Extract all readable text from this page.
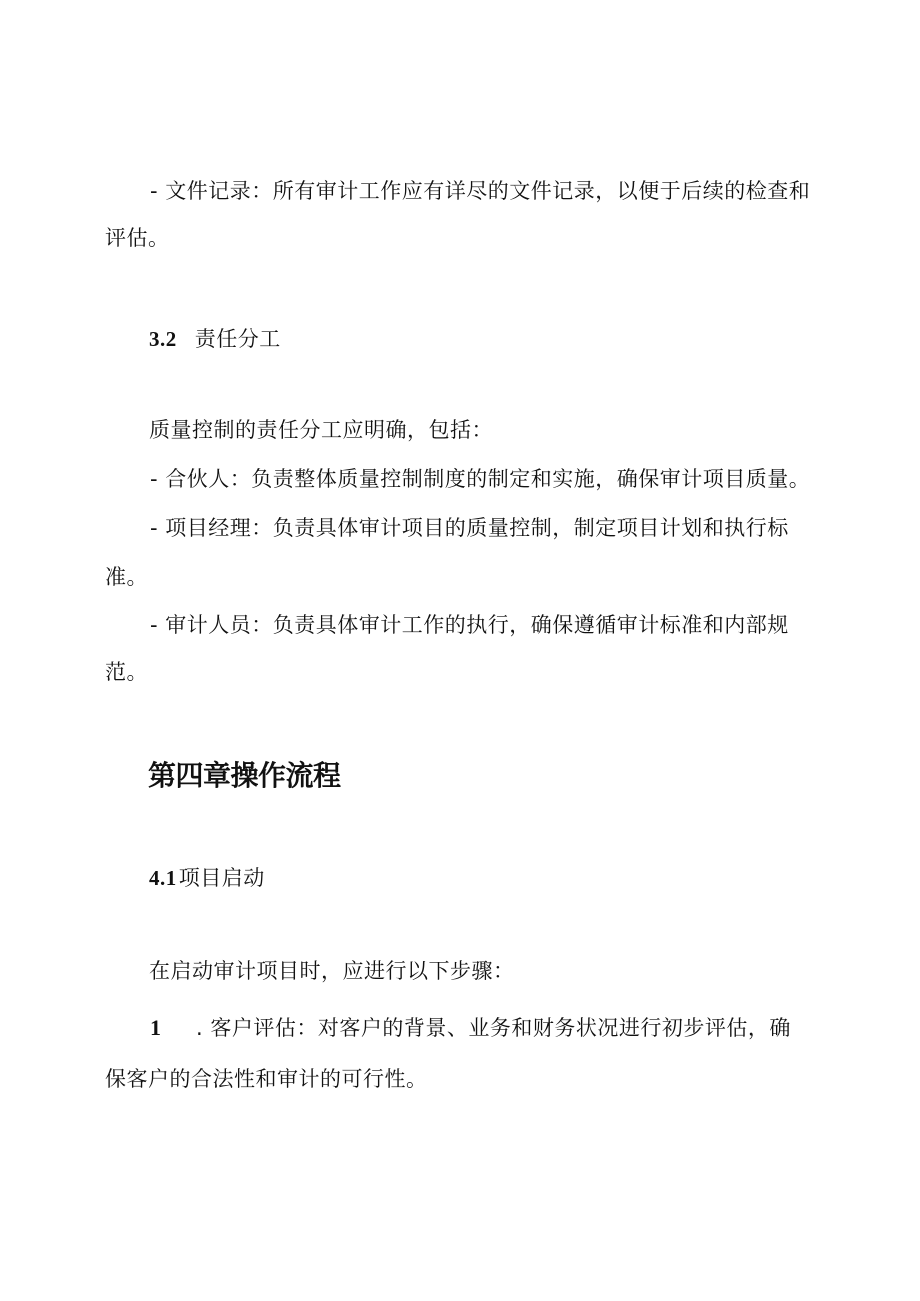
- 文件记录：所有审计工作应有详尽的文件记录，以便于后续的检查和
评估。
3.2 责任分工
质量控制的责任分工应明确，包括：
- 合伙人：负责整体质量控制制度的制定和实施，确保审计项目质量。
- 项目经理：负责具体审计项目的质量控制，制定项目计划和执行标
准。
- 审计人员：负责具体审计工作的执行，确保遵循审计标准和内部规
范。
第四章操作流程
4.1项目启动
在启动审计项目时，应进行以下步骤：
1 . 客户评估：对客户的背景、业务和财务状况进行初步评估，确
保客户的合法性和审计的可行性。
